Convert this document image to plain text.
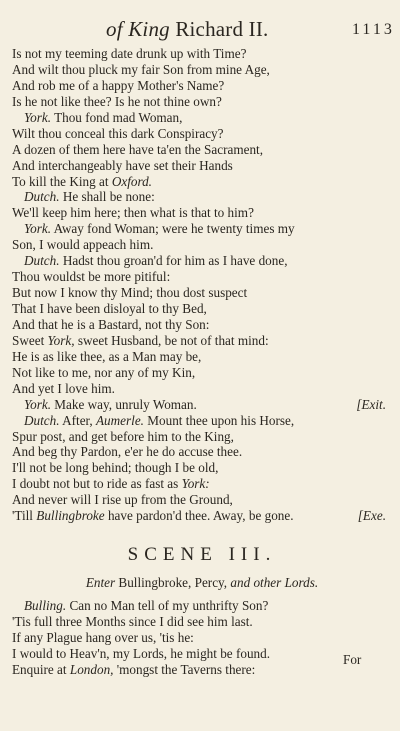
of King Richard II.	1113
Is not my teeming date drunk up with Time?
And wilt thou pluck my fair Son from mine Age,
And rob me of a happy Mother's Name?
Is he not like thee? Is he not thine own?
York. Thou fond mad Woman,
Wilt thou conceal this dark Conspiracy?
A dozen of them here have ta'en the Sacrament,
And interchangeably have set their Hands
To kill the King at Oxford.
Dutch. He shall be none:
We'll keep him here; then what is that to him?
York. Away fond Woman; were he twenty times my
Son, I would appeach him.
Dutch. Hadst thou groan'd for him as I have done,
Thou wouldst be more pitiful:
But now I know thy Mind; thou dost suspect
That I have been disloyal to thy Bed,
And that he is a Bastard, not thy Son:
Sweet York, sweet Husband, be not of that mind:
He is as like thee, as a Man may be,
Not like to me, nor any of my Kin,
And yet I love him.
York. Make way, unruly Woman.	[Exit.
Dutch. After, Aumerle. Mount thee upon his Horse,
Spur post, and get before him to the King,
And beg thy Pardon, e'er he do accuse thee.
I'll not be long behind; though I be old,
I doubt not but to ride as fast as York:
And never will I rise up from the Ground,
'Till Bullingbroke have pardon'd thee. Away, be gone.	[Exe.
SCENE III.
Enter Bullingbroke, Percy, and other Lords.
Bulling. Can no Man tell of my unthrifty Son?
'Tis full three Months since I did see him last.
If any Plague hang over us, 'tis he:
I would to Heav'n, my Lords, he might be found.
Enquire at London, 'mongst the Taverns there:
For
